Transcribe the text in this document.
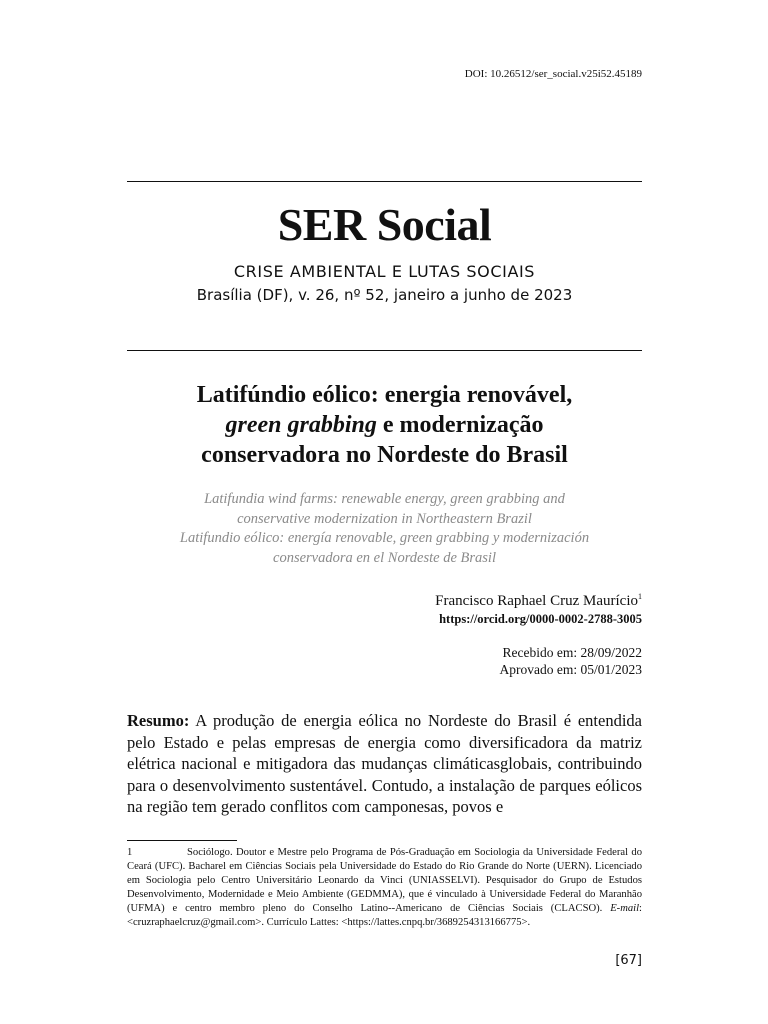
DOI: 10.26512/ser_social.v25i52.45189
SER Social
CRISE AMBIENTAL E LUTAS SOCIAIS
Brasília (DF), v. 26, nº 52, janeiro a junho de 2023
Latifúndio eólico: energia renovável,
green grabbing e modernização
conservadora no Nordeste do Brasil
Latifundia wind farms: renewable energy, green grabbing and
conservative modernization in Northeastern Brazil
Latifundio eólico: energía renovable, green grabbing y modernización
conservadora en el Nordeste de Brasil
Francisco Raphael Cruz Maurício$^1$
https://orcid.org/0000-0002-2788-3005
Recebido em: 28/09/2022
Aprovado em: 05/01/2023
Resumo: A produção de energia eólica no Nordeste do Brasil é entendida pelo Estado e pelas empresas de energia como diversificadora da matriz elétrica nacional e mitigadora das mudanças climáticasglobais, contribuindo para o desenvolvimento sustentável. Contudo, a instalação de parques eólicos na região tem gerado conflitos com camponesas, povos e
1	Sociólogo. Doutor e Mestre pelo Programa de Pós-Graduação em Sociologia da Universidade Federal do Ceará (UFC). Bacharel em Ciências Sociais pela Universidade do Estado do Rio Grande do Norte (UERN). Licenciado em Sociologia pelo Centro Universitário Leonardo da Vinci (UNIASSELVI). Pesquisador do Grupo de Estudos Desenvolvimento, Modernidade e Meio Ambiente (GEDMMA), que é vinculado à Universidade Federal do Maranhão (UFMA) e centro membro pleno do Conselho Latino--Americano de Ciências Sociais (CLACSO). E-mail: <cruzraphaelcruz@gmail.com>. Currículo Lattes: <https://lattes.cnpq.br/3689254313166775>.
[67]
